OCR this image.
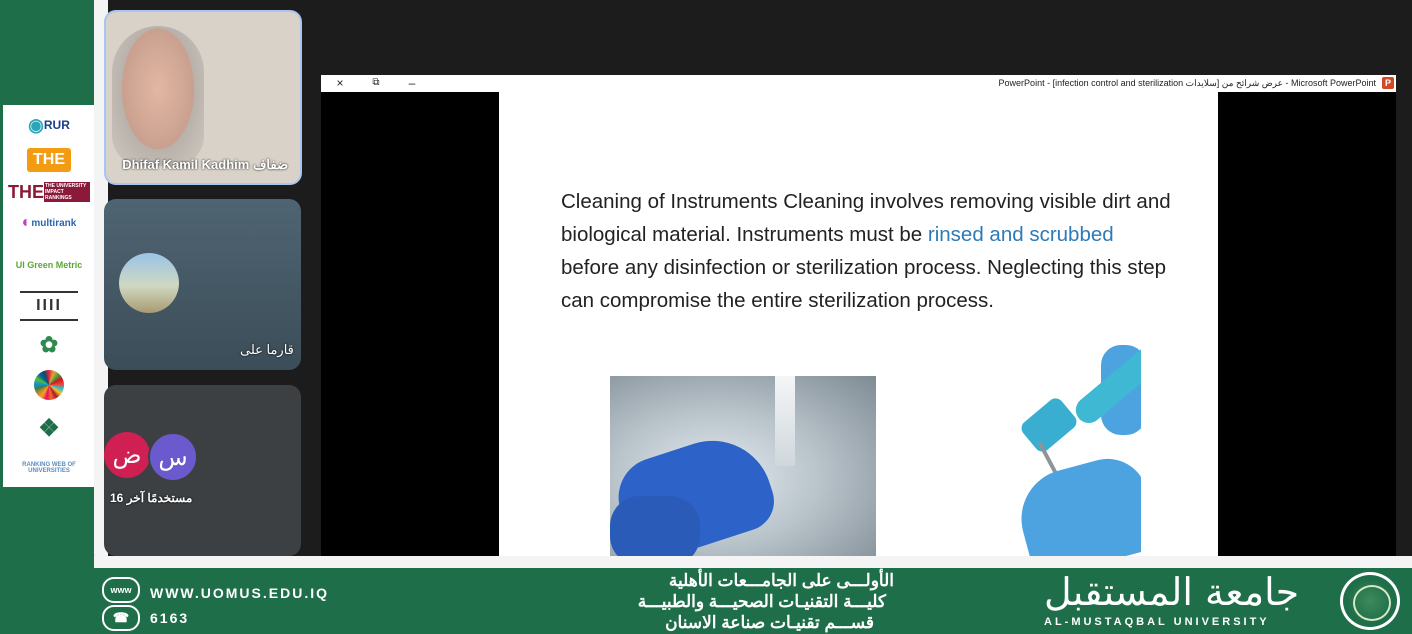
◉ RUR
THE
THE THE UNIVERSITY IMPACT RANKINGS
◐ multirank
UI Green Metric
IIII
✿
❖
RANKING WEB OF UNIVERSITIES
Dhifaf Kamil Kadhim ضفاف
قارما على
ض س
16 مستخدمًا آخر
×	⧉	–	PowerPoint - [infection control and sterilization عرض شرائح من [سلايدات - Microsoft PowerPoint P
Cleaning of Instruments Cleaning involves removing visible dirt and biological material. Instruments must be rinsed and scrubbed before any disinfection or sterilization process. Neglecting this step can compromise the entire sterilization process.
www	WWW.UOMUS.EDU.IQ
☎	6163
الأولـــى على الجامـــعات الأهلية
كليـــة التقنيـات الصحيـــة والطبيـــة
قســـم تقنيـات صناعة الاسنان
جامعة المستقبل
AL-MUSTAQBAL UNIVERSITY
